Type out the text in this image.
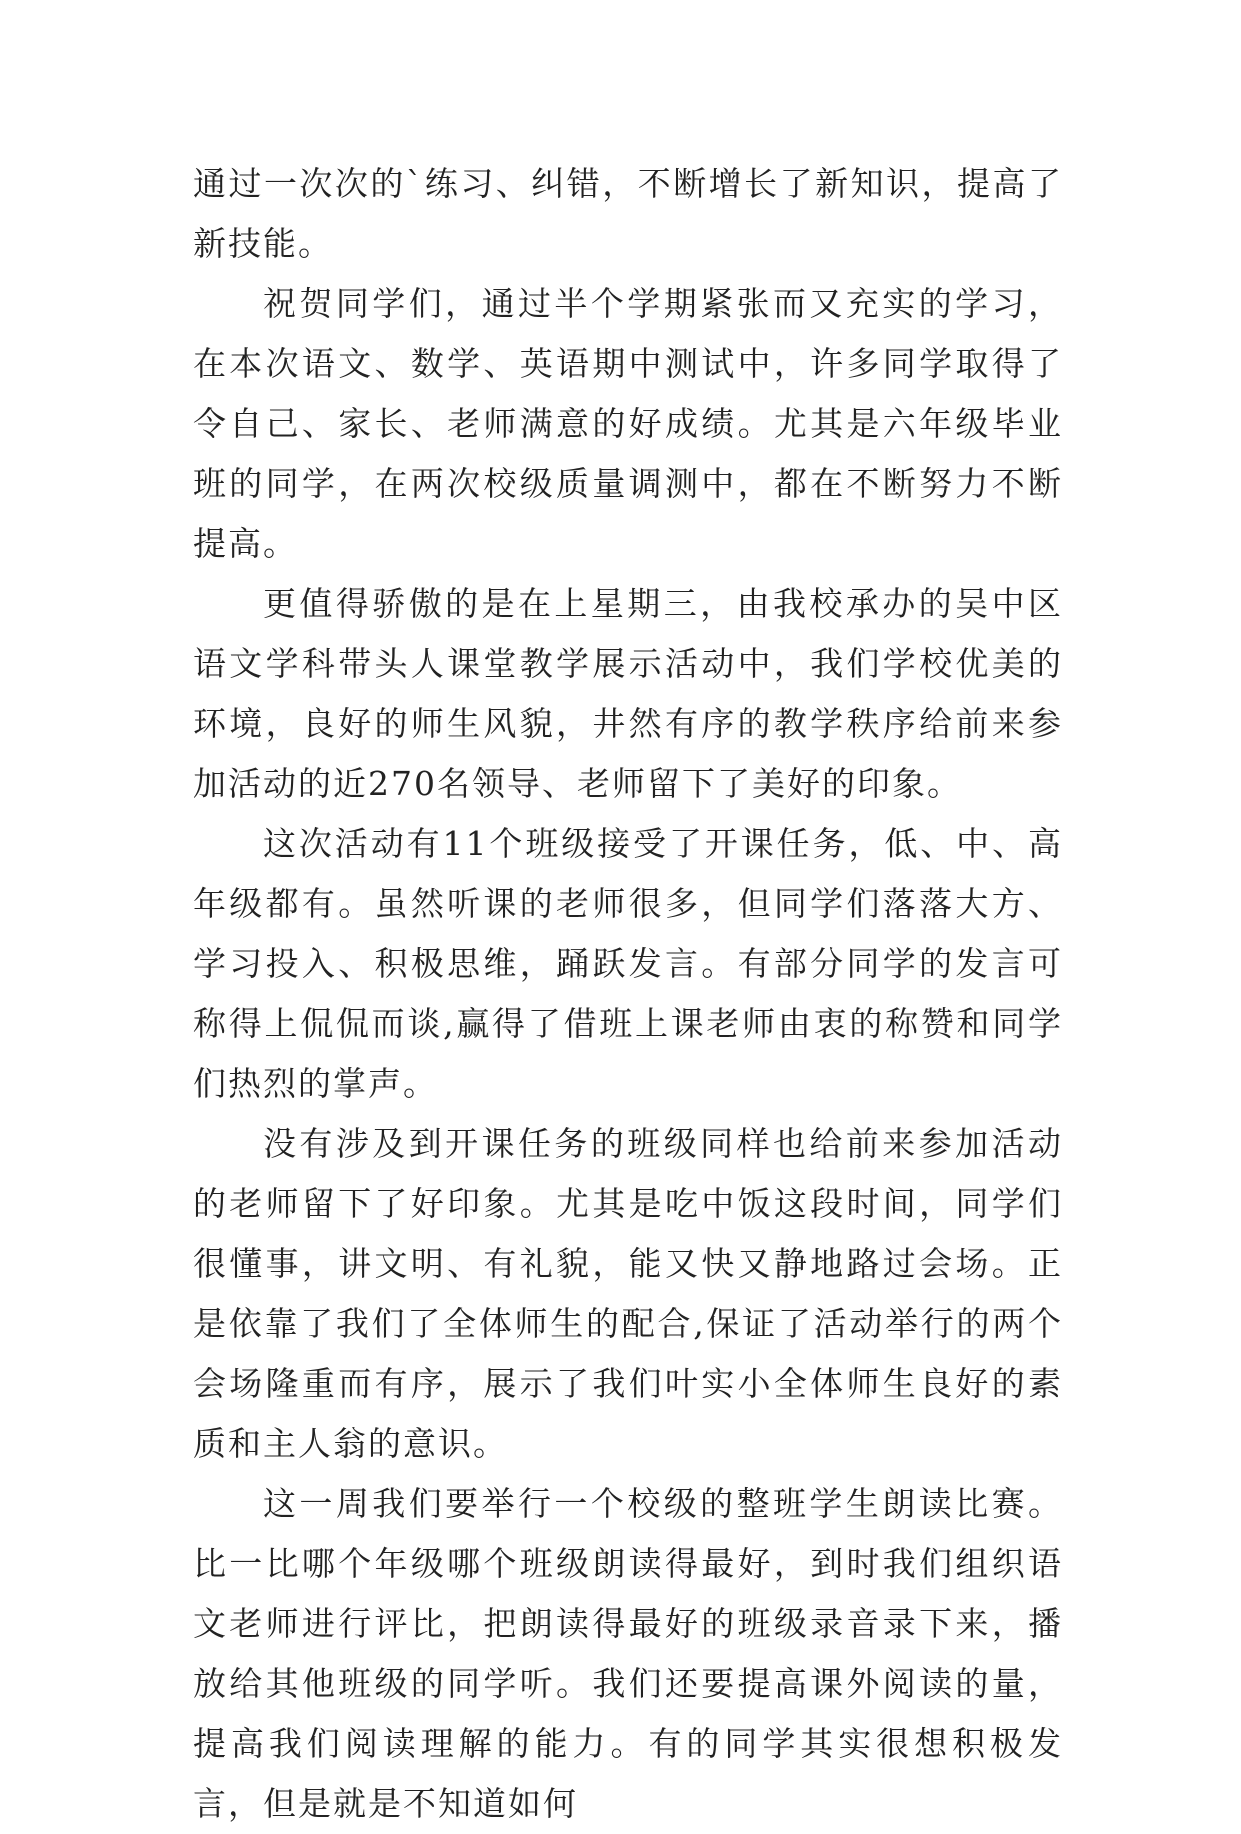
通过一次次的`练习、纠错，不断增长了新知识，提高了新技能。

祝贺同学们，通过半个学期紧张而又充实的学习，在本次语文、数学、英语期中测试中，许多同学取得了令自己、家长、老师满意的好成绩。尤其是六年级毕业班的同学，在两次校级质量调测中，都在不断努力不断提高。

更值得骄傲的是在上星期三，由我校承办的吴中区语文学科带头人课堂教学展示活动中，我们学校优美的环境，良好的师生风貌，井然有序的教学秩序给前来参加活动的近270名领导、老师留下了美好的印象。

这次活动有11个班级接受了开课任务，低、中、高年级都有。虽然听课的老师很多，但同学们落落大方、学习投入、积极思维，踊跃发言。有部分同学的发言可称得上侃侃而谈,赢得了借班上课老师由衷的称赞和同学们热烈的掌声。

没有涉及到开课任务的班级同样也给前来参加活动的老师留下了好印象。尤其是吃中饭这段时间，同学们很懂事，讲文明、有礼貌，能又快又静地路过会场。正是依靠了我们了全体师生的配合,保证了活动举行的两个会场隆重而有序，展示了我们叶实小全体师生良好的素质和主人翁的意识。

这一周我们要举行一个校级的整班学生朗读比赛。比一比哪个年级哪个班级朗读得最好，到时我们组织语文老师进行评比，把朗读得最好的班级录音录下来，播放给其他班级的同学听。我们还要提高课外阅读的量，提高我们阅读理解的能力。有的同学其实很想积极发言，但是就是不知道如何
